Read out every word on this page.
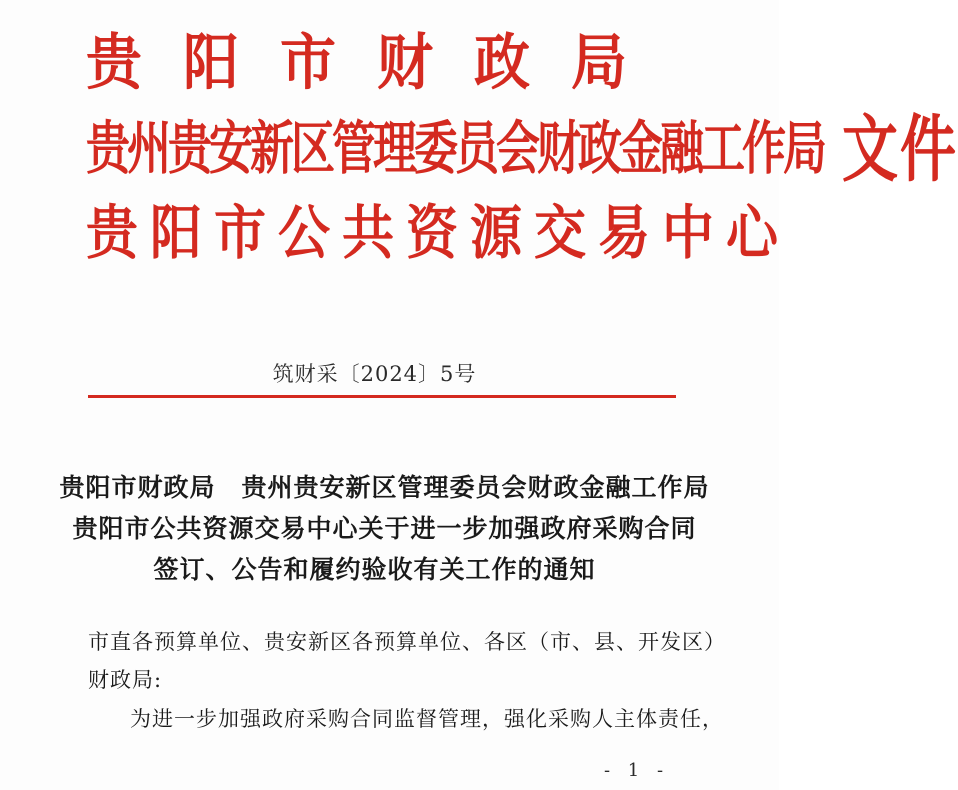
贵阳市财政局
贵州贵安新区管理委员会财政金融工作局 文件
贵阳市公共资源交易中心
筑财采〔2024〕5号
贵阳市财政局　贵州贵安新区管理委员会财政金融工作局
贵阳市公共资源交易中心关于进一步加强政府采购合同
签订、公告和履约验收有关工作的通知
市直各预算单位、贵安新区各预算单位、各区（市、县、开发区）
财政局:
为进一步加强政府采购合同监督管理，强化采购人主体责任，
- 1 -
